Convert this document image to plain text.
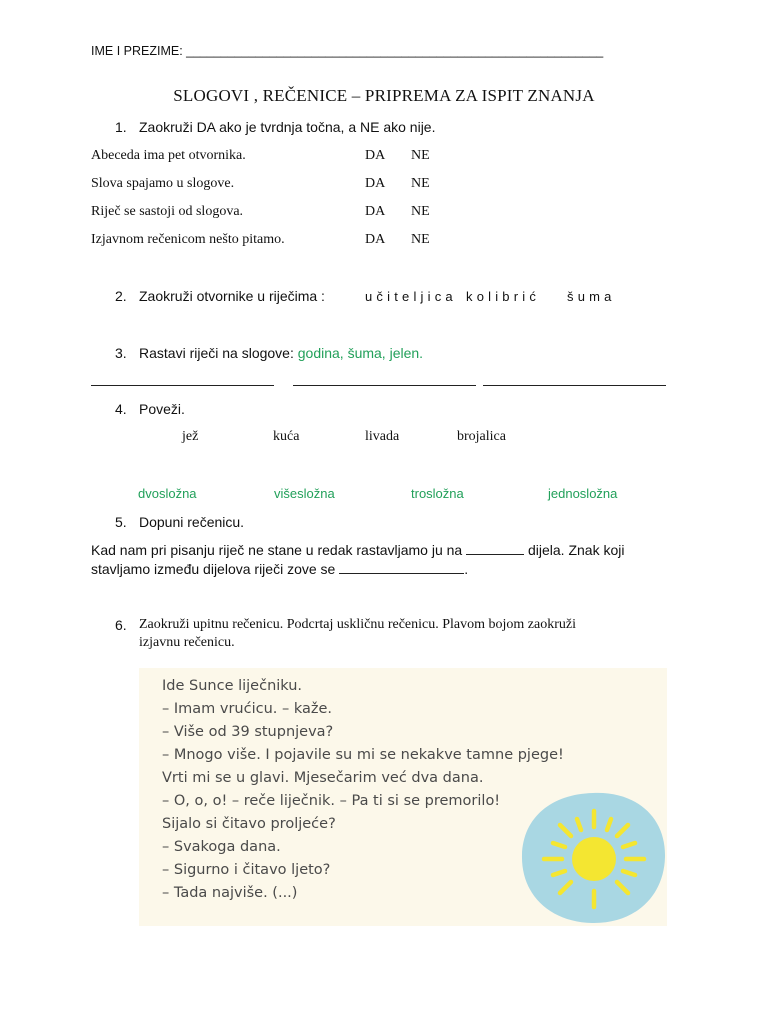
IME I PREZIME: ____________________________________________________________
SLOGOVI , REČENICE – PRIPREMA ZA ISPIT ZNANJA
1. Zaokruži DA ako je tvrdnja točna, a NE ako nije.
Abeceda ima pet otvornika.	DA NE
Slova spajamo u slogove.	DA NE
Riječ se sastoji od slogova.	DA NE
Izjavnom rečenicom nešto pitamo.	DA NE
2. Zaokruži otvornike u riječima :	učiteljica kolibrić šuma
3. Rastavi riječi na slogove: godina, šuma, jelen.
4. Poveži.
jež	kuća	livada	brojalica
dvosložna	višesložna	trosložna	jednosložna
5. Dopuni rečenicu.
Kad nam pri pisanju riječ ne stane u redak rastavljamo ju na	dijela. Znak koji stavljamo između dijelova riječi zove se	.
6. Zaokruži upitnu rečenicu. Podcrtaj uskličnu rečenicu. Plavom bojom zaokruži
izjavnu rečenicu.
Ide Sunce liječniku.
– Imam vrućicu. – kaže.
– Više od 39 stupnjeva?
– Mnogo više. I pojavile su mi se nekakve tamne pjege!
Vrti mi se u glavi. Mjesečarim već dva dana.
– O, o, o! – reče liječnik. – Pa ti si se premorilo!
Sijalo si čitavo proljeće?
– Svakoga dana.
– Sigurno i čitavo ljeto?
– Tada najviše. (...)
